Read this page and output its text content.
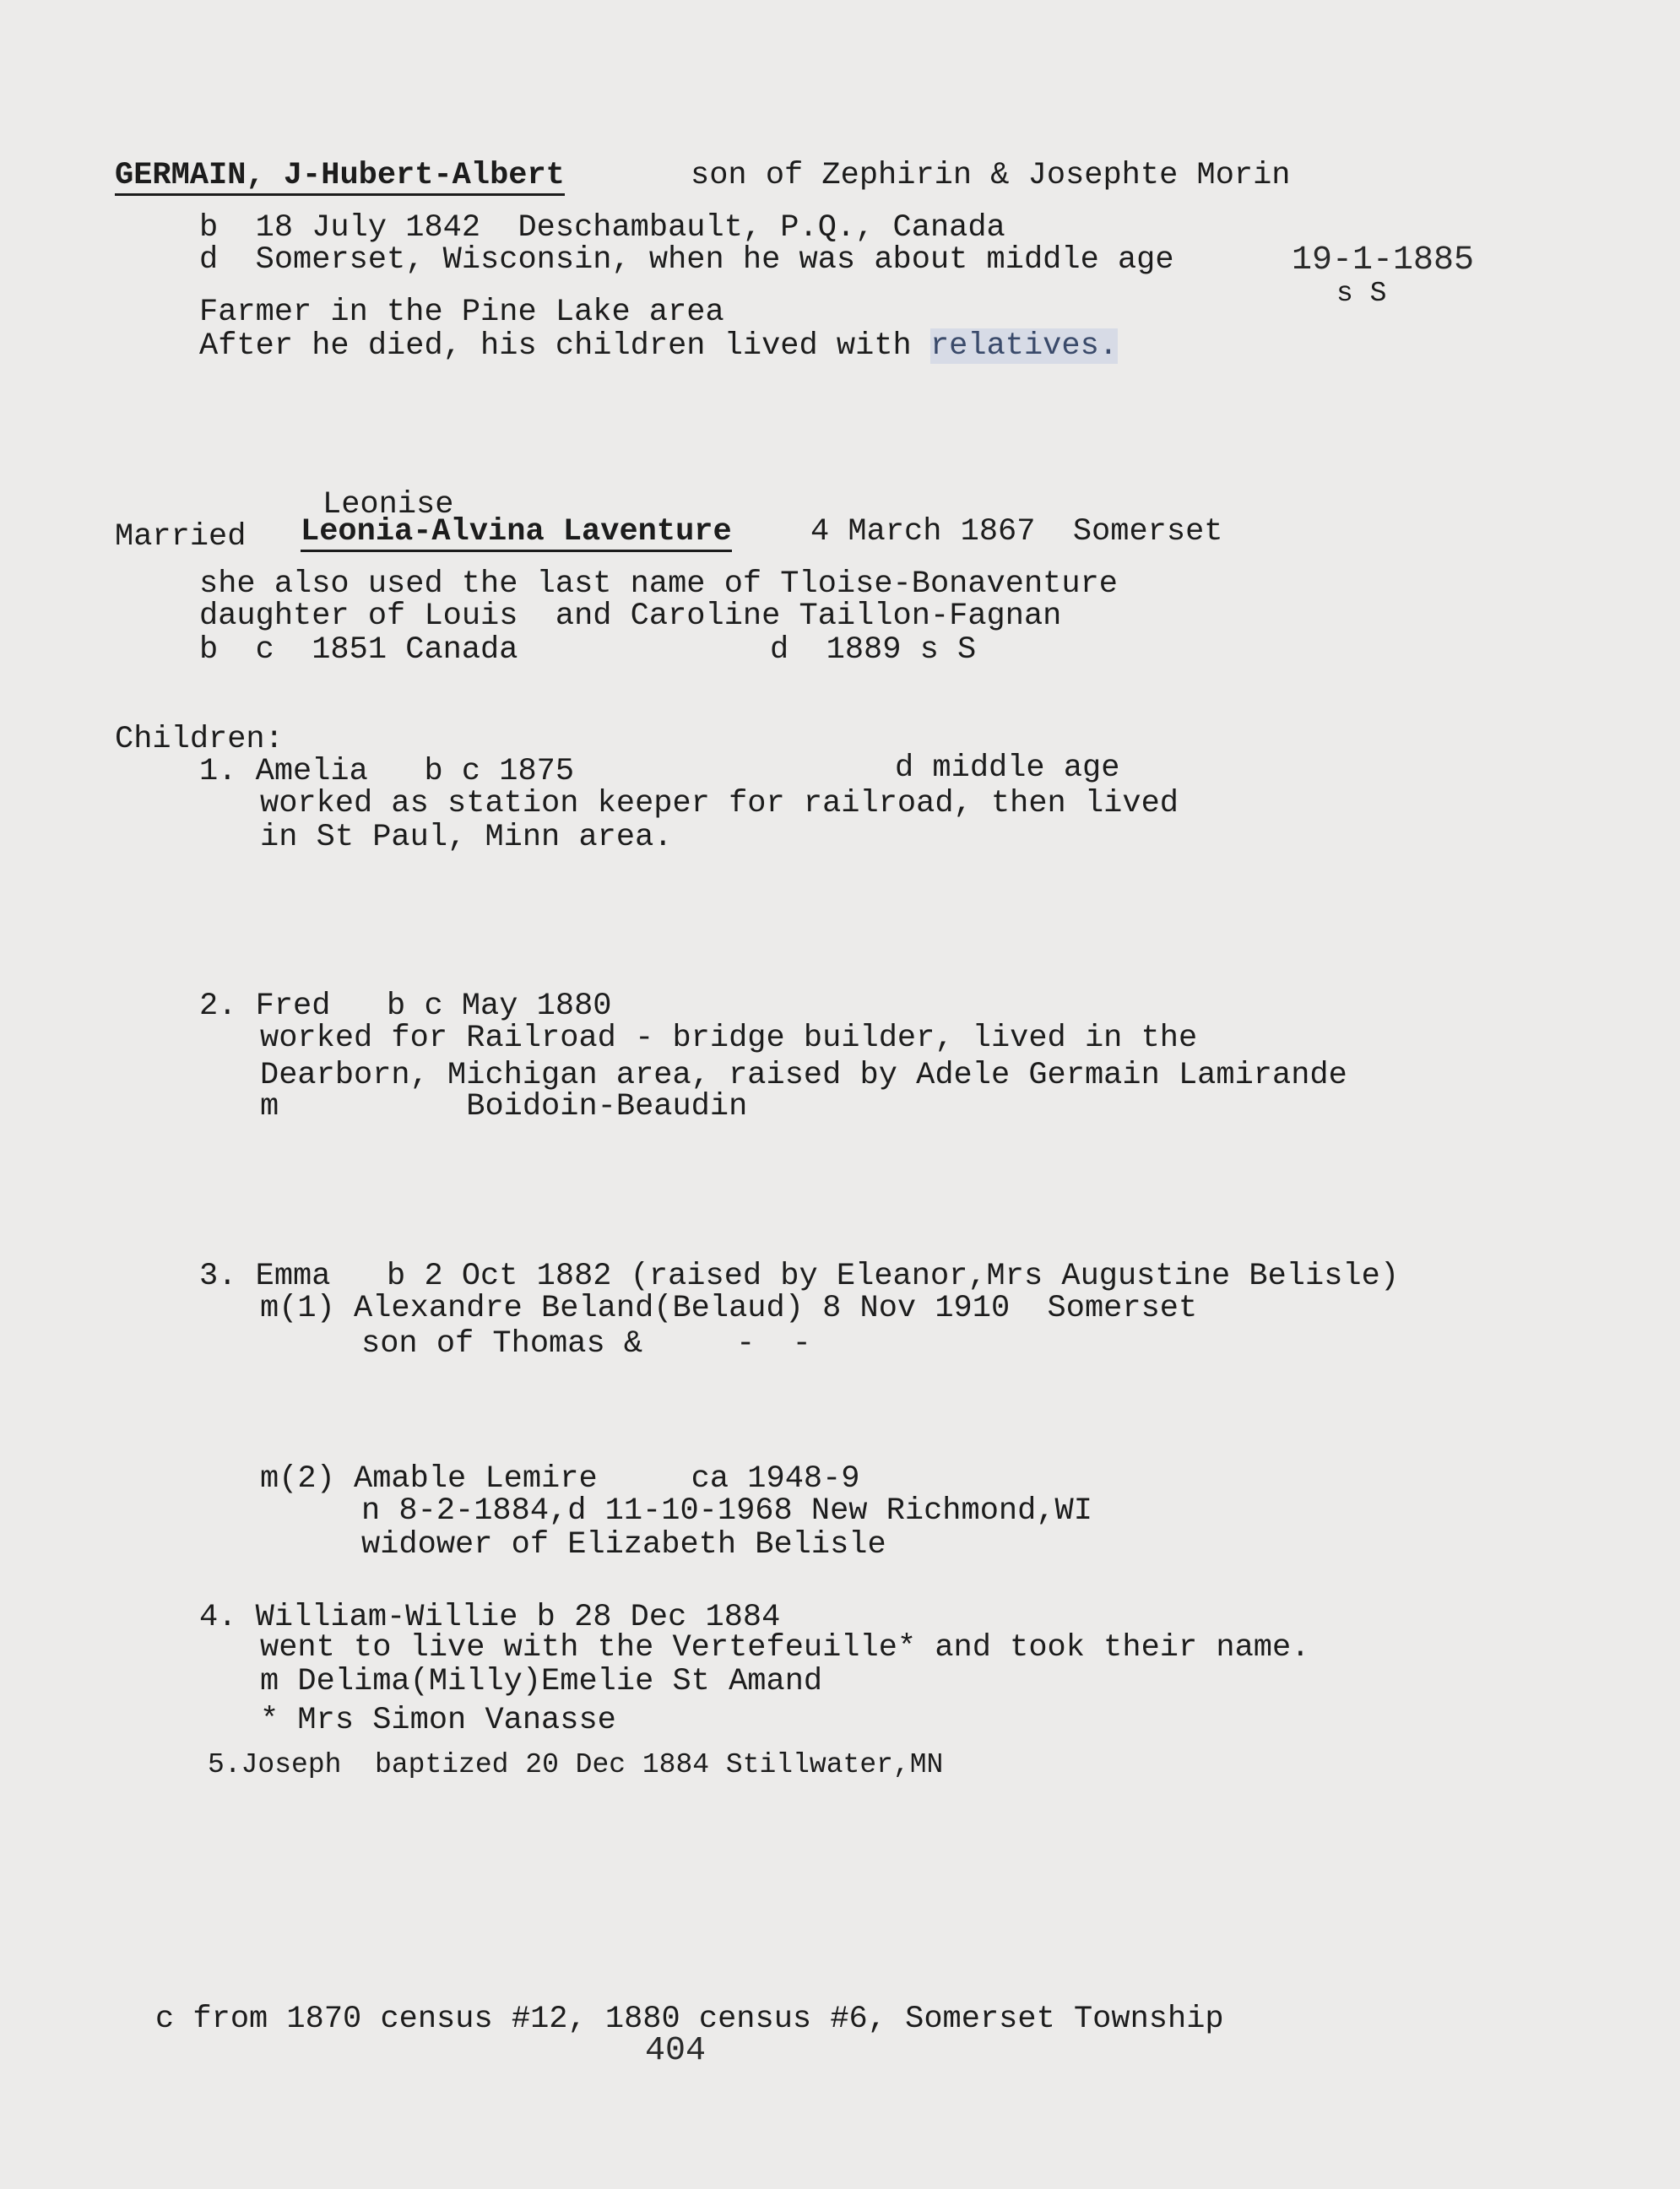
GERMAIN, J-Hubert-Albert	son of Zephirin & Josephte Morin
b  18 July 1842  Deschambault, P.Q., Canada
d  Somerset, Wisconsin, when he was about middle age	19-1-1885
s S
Farmer in the Pine Lake area
After he died, his children lived with relatives.
Leonise
Married Leonia-Alvina Laventure	4 March 1867  Somerset
she also used the last name of Tloise-Bonaventure
daughter of Louis  and Caroline Taillon-Fagnan
b  c  1851 Canada	d  1889 s S
Children:
1. Amelia   b c 1875	d middle age
worked as station keeper for railroad, then lived
in St Paul, Minn area.
2. Fred   b c May 1880
worked for Railroad - bridge builder, lived in the
Dearborn, Michigan area, raised by Adele Germain Lamirande
m          Boidoin-Beaudin
3. Emma   b 2 Oct 1882 (raised by Eleanor,Mrs Augustine Belisle)
m(1) Alexandre Beland(Belaud) 8 Nov 1910  Somerset
son of Thomas &     -  -
m(2) Amable Lemire     ca 1948-9
n 8-2-1884,d 11-10-1968 New Richmond,WI
widower of Elizabeth Belisle
4. William-Willie b 28 Dec 1884
went to live with the Vertefeuille* and took their name.
m Delima(Milly)Emelie St Amand
* Mrs Simon Vanasse
5.Joseph  baptized 20 Dec 1884 Stillwater,MN
c from 1870 census #12, 1880 census #6, Somerset Township
404
